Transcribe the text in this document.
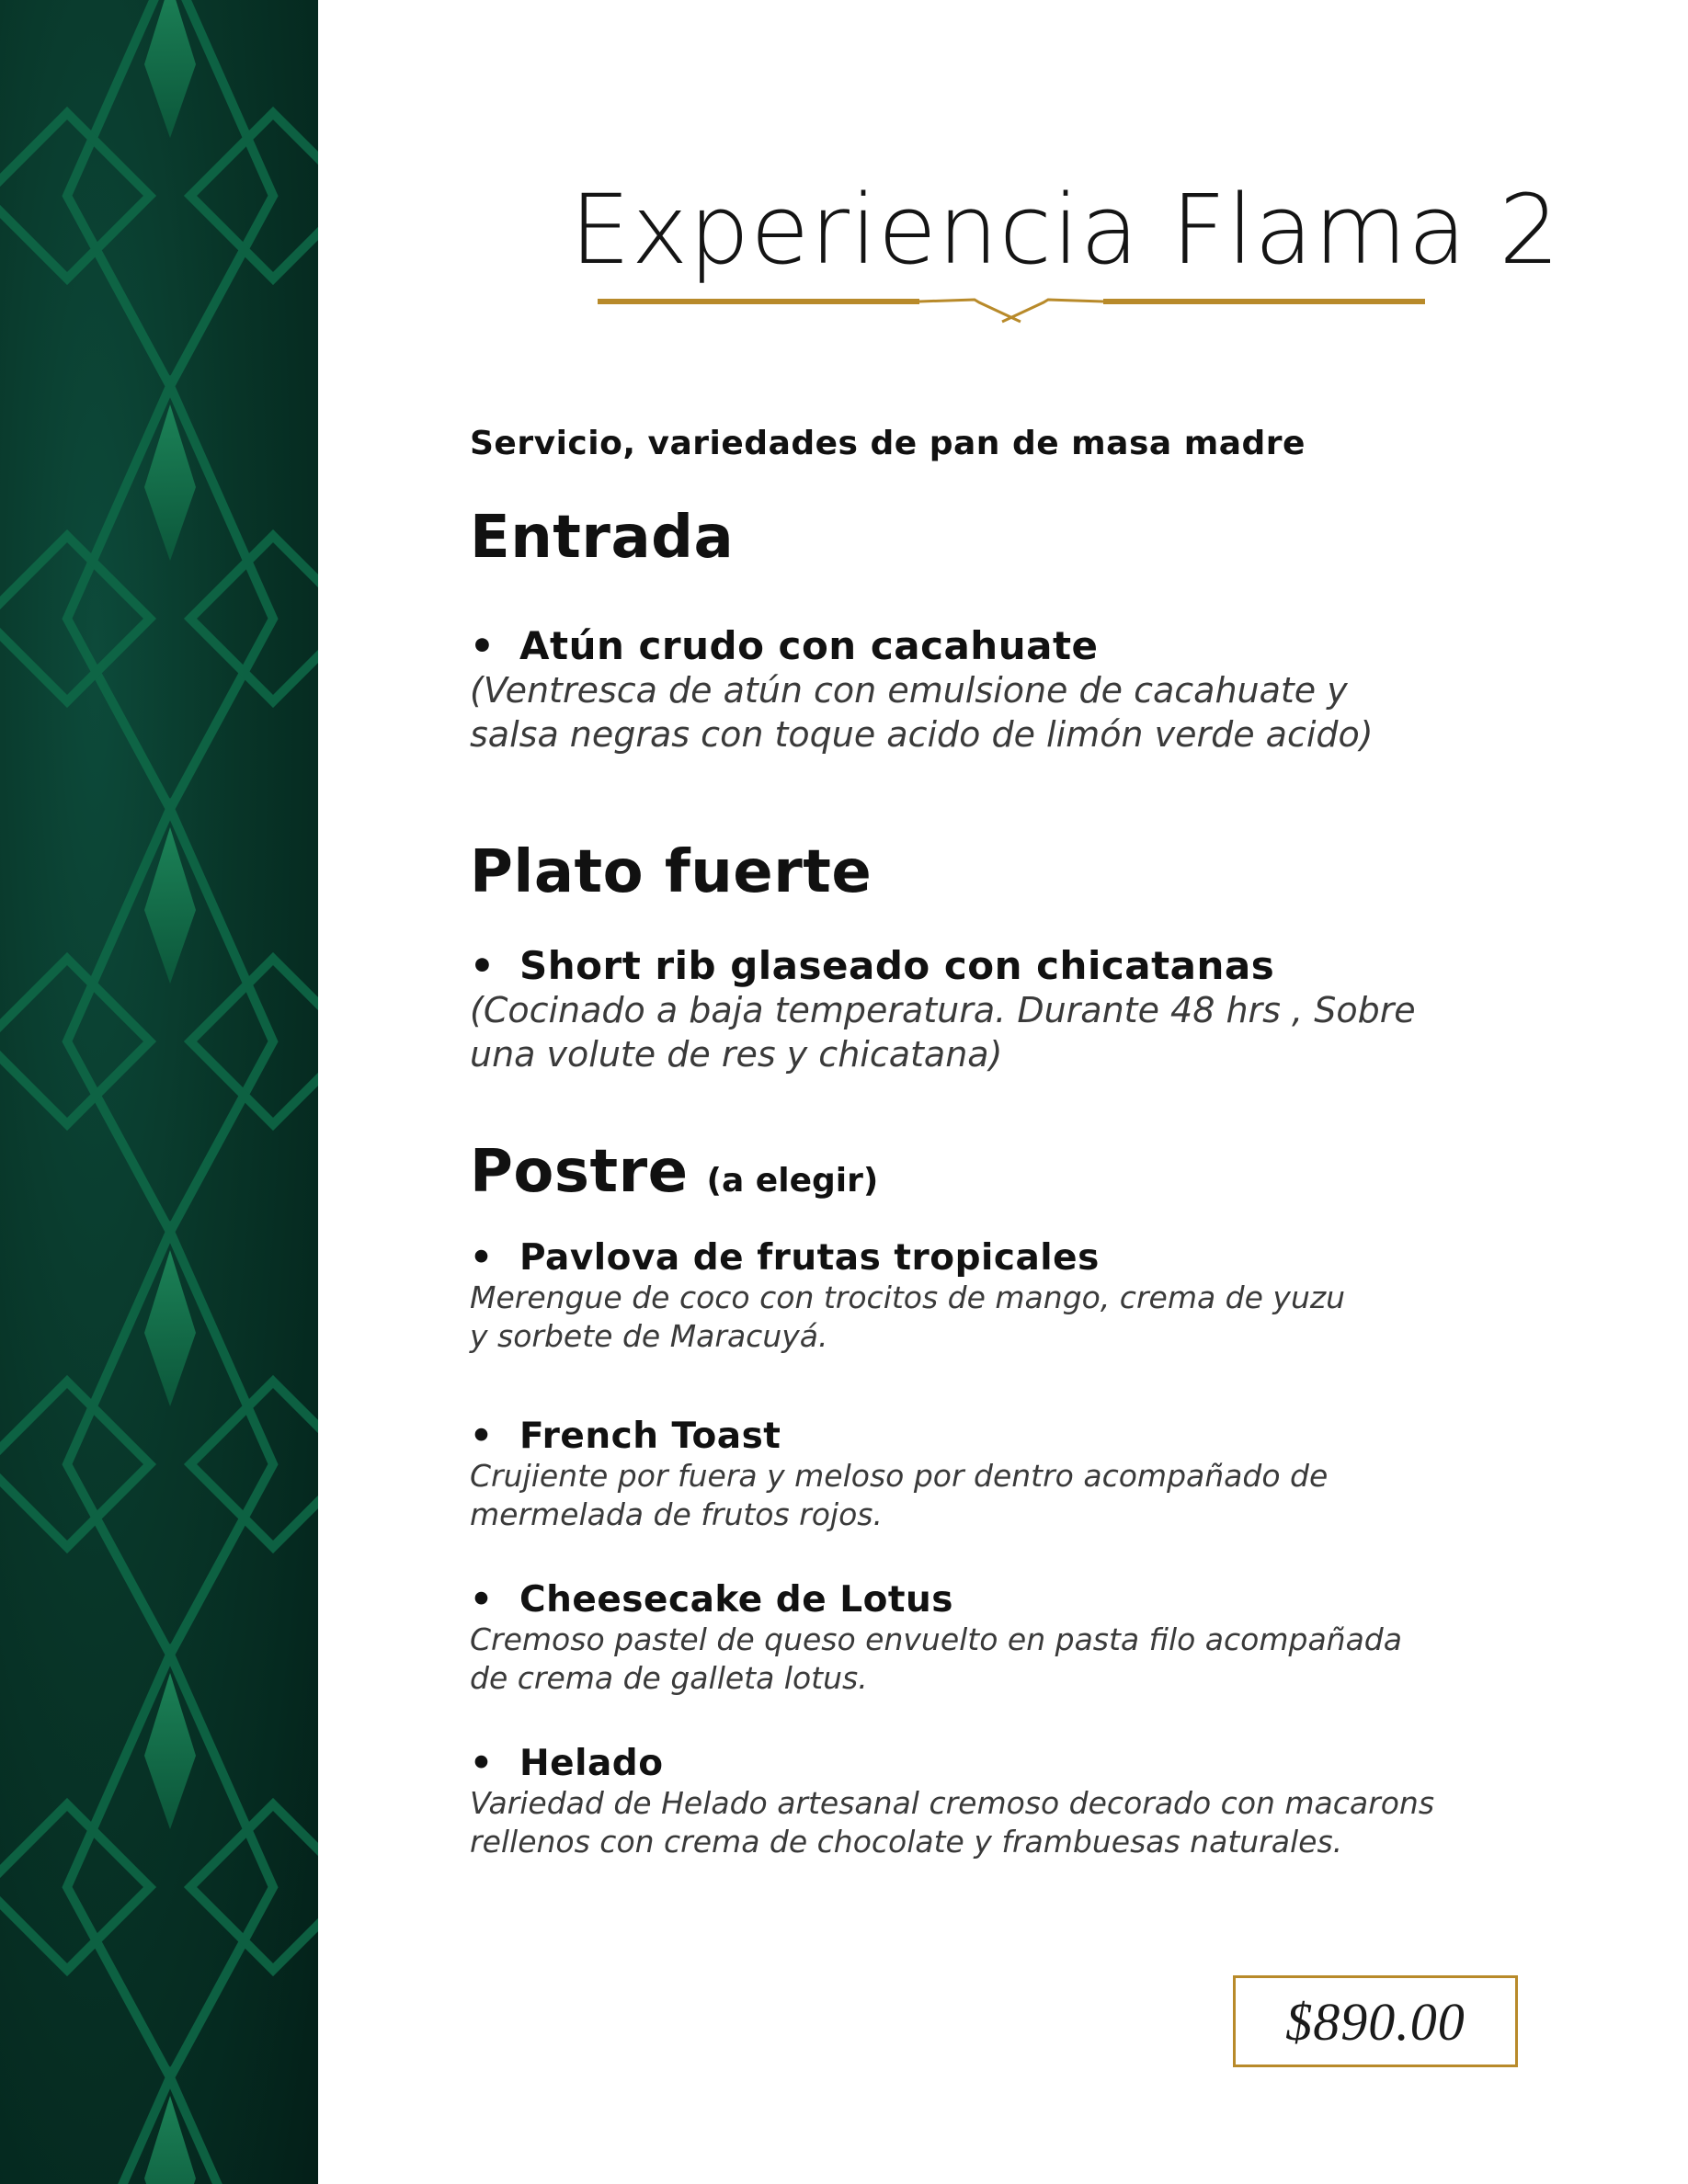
Experiencia Flama 2
Servicio, variedades de pan de masa madre
Entrada
• Atún crudo con cacahuate
(Ventresca de atún con emulsione de cacahuate y salsa negras con toque acido de limón verde acido)
Plato fuerte
• Short rib glaseado con chicatanas
(Cocinado a baja temperatura. Durante 48 hrs , Sobre una volute de res y chicatana)
Postre (a elegir)
• Pavlova de frutas tropicales
Merengue de coco con trocitos de mango, crema de yuzu
y sorbete de Maracuyá.
• French Toast
Crujiente por fuera y meloso por dentro acompañado de mermelada de frutos rojos.
• Cheesecake de Lotus
Cremoso pastel de queso envuelto en pasta filo acompañada de crema de galleta lotus.
• Helado
Variedad de Helado artesanal cremoso decorado con macarons rellenos con crema de chocolate y frambuesas naturales.
$890.00
